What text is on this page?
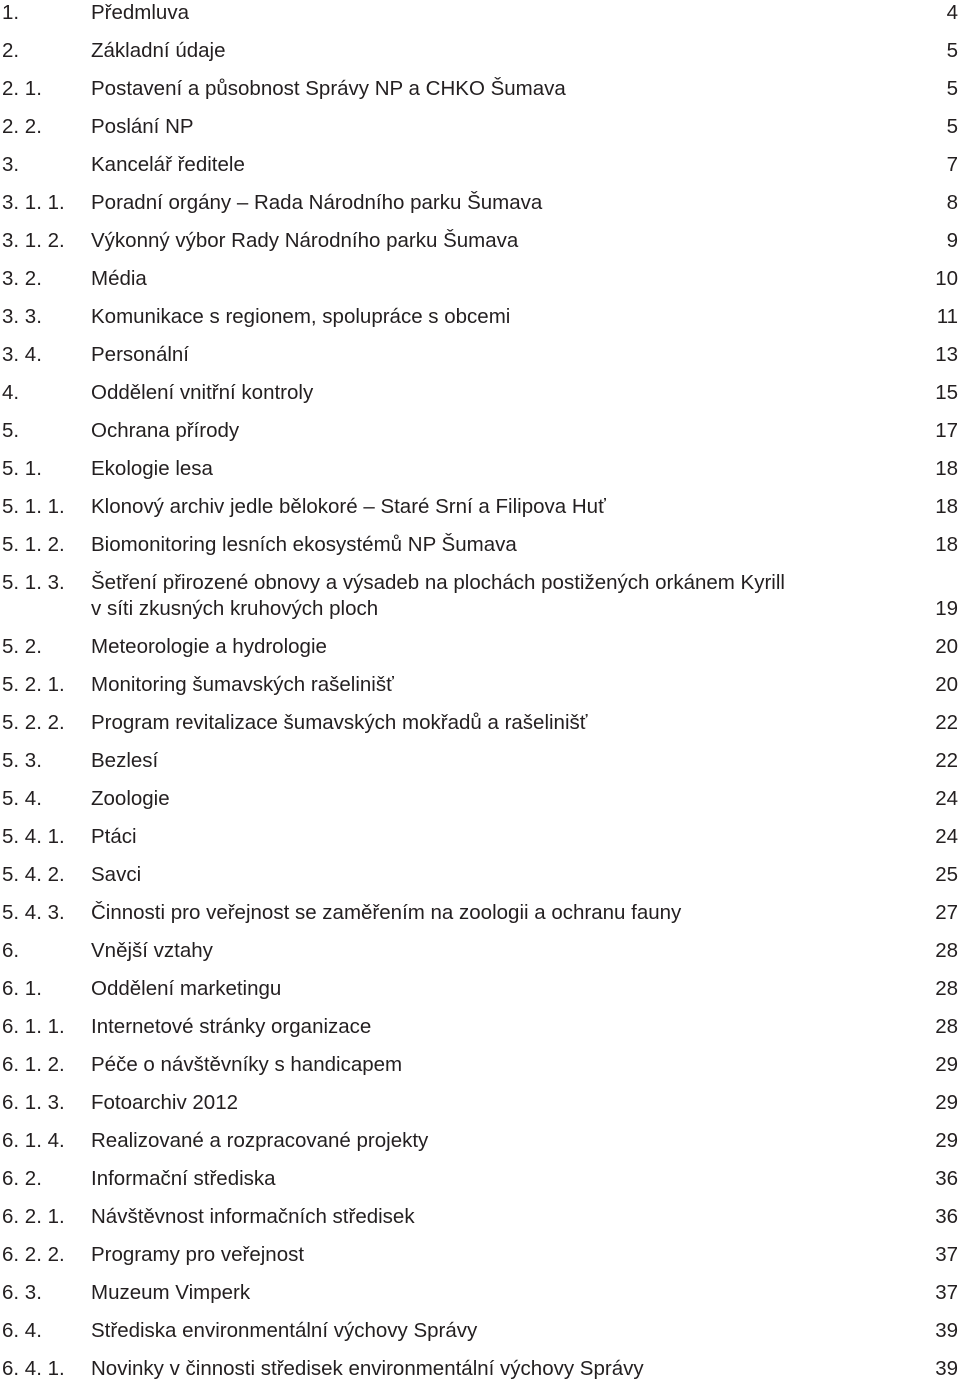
1.	Předmluva	4
2.	Základní údaje	5
2. 1. Postavení a působnost Správy NP a CHKO Šumava	5
2. 2. Poslání NP	5
3.	Kancelář ředitele	7
3. 1. 1. Poradní orgány – Rada Národního parku Šumava	8
3. 1. 2. Výkonný výbor Rady Národního parku Šumava	9
3. 2. Média	10
3. 3. Komunikace s regionem, spolupráce s obcemi	11
3. 4. Personální	13
4.	Oddělení vnitřní kontroly	15
5.	Ochrana přírody	17
5. 1. Ekologie lesa	18
5. 1. 1. Klonový archiv jedle bělokoré – Staré Srní a Filipova Huť	18
5. 1. 2. Biomonitoring lesních ekosystémů NP Šumava	18
5. 1. 3. Šetření přirozené obnovy a výsadeb na plochách postižených orkánem Kyrill
v síti zkusných kruhových ploch	19
5. 2. Meteorologie a hydrologie	20
5. 2. 1. Monitoring šumavských rašelinišť	20
5. 2. 2. Program revitalizace šumavských mokřadů a rašelinišť	22
5. 3. Bezlesí	22
5. 4. Zoologie	24
5. 4. 1. Ptáci	24
5. 4. 2. Savci	25
5. 4. 3. Činnosti pro veřejnost se zaměřením na zoologii a ochranu fauny	27
6.	Vnější vztahy	28
6. 1. Oddělení marketingu	28
6. 1. 1. Internetové stránky organizace	28
6. 1. 2. Péče o návštěvníky s handicapem	29
6. 1. 3. Fotoarchiv 2012	29
6. 1. 4. Realizované a rozpracované projekty	29
6. 2. Informační střediska	36
6. 2. 1. Návštěvnost informačních středisek	36
6. 2. 2. Programy pro veřejnost	37
6. 3. Muzeum Vimperk	37
6. 4. Střediska environmentální výchovy Správy	39
6. 4. 1. Novinky v činnosti středisek environmentální výchovy Správy	39
